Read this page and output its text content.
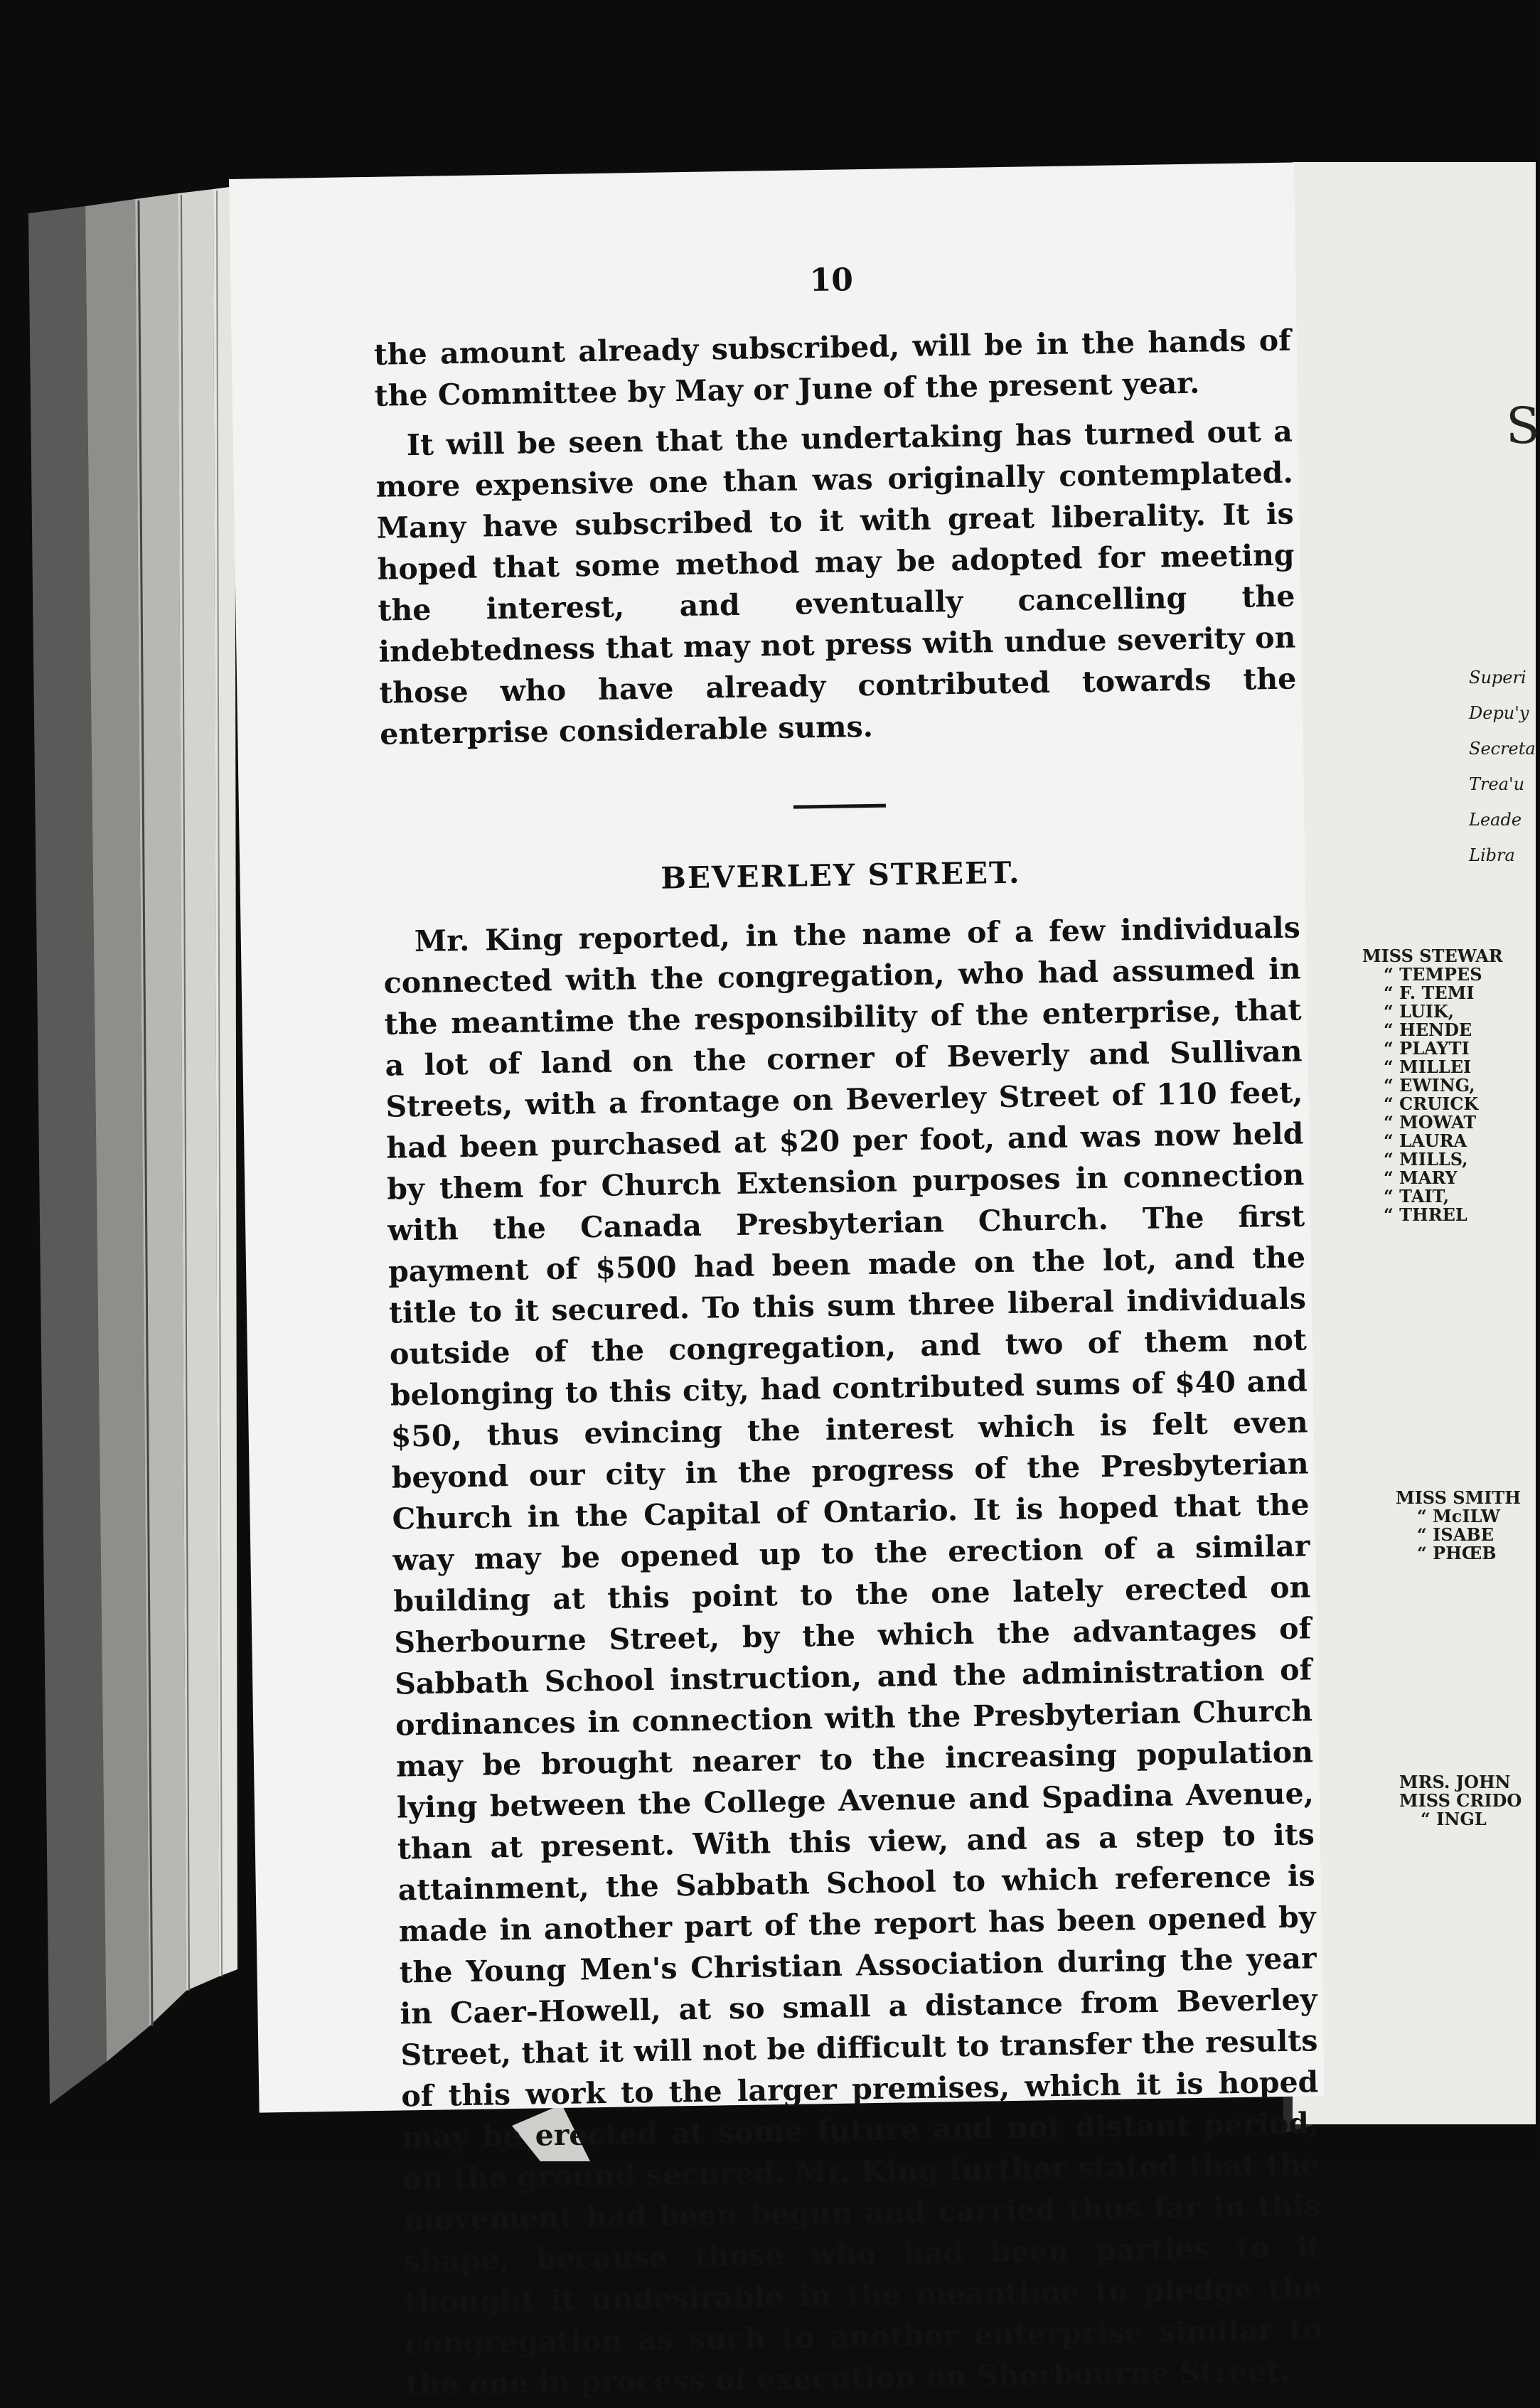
S
Superi
Depu'y
Secreta
Trea'u
Leade
Libra
MISS STEWAR
“ TEMPES
“ F. TEMI
“ LUIK,
“ HENDE
“ PLAYTI
“ MILLEI
“ EWING,
“ CRUICK
“ MOWAT
“ LAURA
“ MILLS,
“ MARY
“ TAIT,
“ THREL
MISS SMITH
“ McILW
“ ISABE
“ PHŒB
MRS. JOHN
MISS CRIDO
“ INGL
10

the amount already subscribed, will be in the hands of the Committee by May or June of the present year.

It will be seen that the undertaking has turned out a more expensive one than was originally contemplated. Many have subscribed to it with great liberality. It is hoped that some method may be adopted for meeting the interest, and eventually cancelling the indebtedness that may not press with undue severity on those who have already contributed towards the enterprise considerable sums.

BEVERLEY STREET.

Mr. King reported, in the name of a few individuals connected with the congregation, who had assumed in the meantime the responsibility of the enterprise, that a lot of land on the corner of Beverly and Sullivan Streets, with a frontage on Beverley Street of 110 feet, had been purchased at $20 per foot, and was now held by them for Church Extension purposes in connection with the Canada Presbyterian Church. The first payment of $500 had been made on the lot, and the title to it secured. To this sum three liberal individuals outside of the congregation, and two of them not belonging to this city, had contributed sums of $40 and $50, thus evincing the interest which is felt even beyond our city in the progress of the Presbyterian Church in the Capital of Ontario. It is hoped that the way may be opened up to the erection of a similar building at this point to the one lately erected on Sherbourne Street, by the which the advantages of Sabbath School instruction, and the administration of ordinances in connection with the Presbyterian Church may be brought nearer to the increasing population lying between the College Avenue and Spadina Avenue, than at present. With this view, and as a step to its attainment, the Sabbath School to which reference is made in another part of the report has been opened by the Young Men's Christian Association during the year in Caer-Howell, at so small a distance from Beverley Street, that it will not be difficult to transfer the results of this work to the larger premises, which it is hoped may be erected at some future and not distant period, on the ground secured. Mr. King further stated that the movement had been begun and carried thus far in this shape, because those who had been parties to it thought it undesirable in the meantime to pledge the congregation as such to another enterprise similar to the one in process of execution on Sherbourne Street.
